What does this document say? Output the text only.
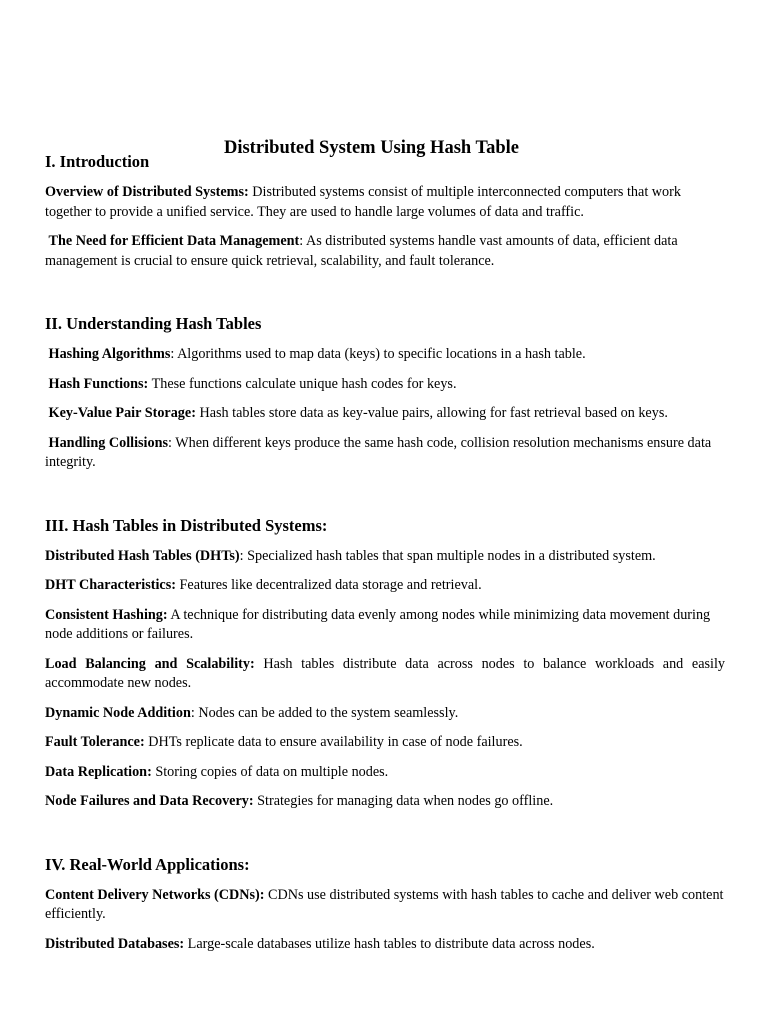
Distributed System Using Hash Table
I. Introduction

Overview of Distributed Systems: Distributed systems consist of multiple interconnected computers that work together to provide a unified service. They are used to handle large volumes of data and traffic.

The Need for Efficient Data Management: As distributed systems handle vast amounts of data, efficient data management is crucial to ensure quick retrieval, scalability, and fault tolerance.

II. Understanding Hash Tables

Hashing Algorithms: Algorithms used to map data (keys) to specific locations in a hash table.

Hash Functions: These functions calculate unique hash codes for keys.

Key-Value Pair Storage: Hash tables store data as key-value pairs, allowing for fast retrieval based on keys.

Handling Collisions: When different keys produce the same hash code, collision resolution mechanisms ensure data integrity.

III. Hash Tables in Distributed Systems:

Distributed Hash Tables (DHTs): Specialized hash tables that span multiple nodes in a distributed system.

DHT Characteristics: Features like decentralized data storage and retrieval.

Consistent Hashing: A technique for distributing data evenly among nodes while minimizing data movement during node additions or failures.

Load Balancing and Scalability: Hash tables distribute data across nodes to balance workloads and easily accommodate new nodes.

Dynamic Node Addition: Nodes can be added to the system seamlessly.

Fault Tolerance: DHTs replicate data to ensure availability in case of node failures.

Data Replication: Storing copies of data on multiple nodes.

Node Failures and Data Recovery: Strategies for managing data when nodes go offline.

IV. Real-World Applications:

Content Delivery Networks (CDNs): CDNs use distributed systems with hash tables to cache and deliver web content efficiently.

Distributed Databases: Large-scale databases utilize hash tables to distribute data across nodes.
